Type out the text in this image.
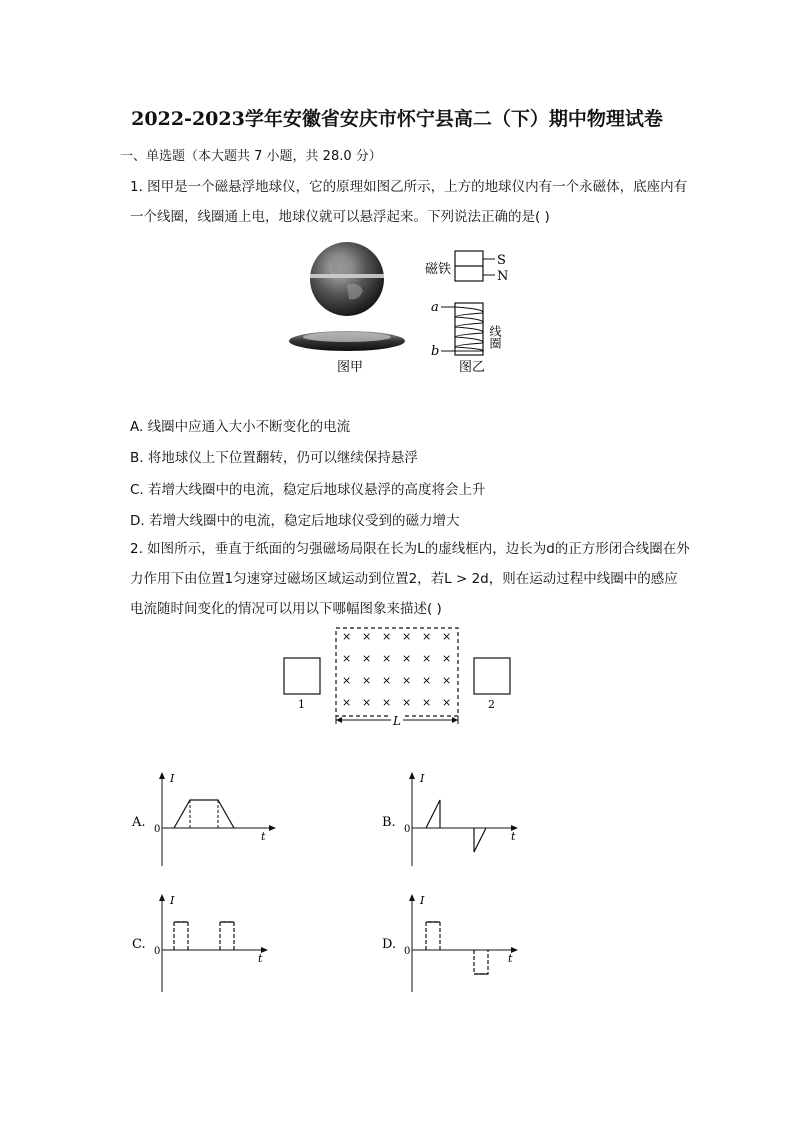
2022-2023学年安徽省安庆市怀宁县高二（下）期中物理试卷
一、单选题（本大题共 7 小题，共 28.0 分）
1. 图甲是一个磁悬浮地球仪，它的原理如图乙所示，上方的地球仪内有一个永磁体，底座内有一个线圈，线圈通上电，地球仪就可以悬浮起来。下列说法正确的是( )
图甲
磁铁
S
N
a
b
线圈
图乙
A. 线圈中应通入大小不断变化的电流
B. 将地球仪上下位置翻转，仍可以继续保持悬浮
C. 若增大线圈中的电流，稳定后地球仪悬浮的高度将会上升
D. 若增大线圈中的电流，稳定后地球仪受到的磁力增大
2. 如图所示，垂直于纸面的匀强磁场局限在长为L的虚线框内，边长为d的正方形闭合线圈在外力作用下由位置1匀速穿过磁场区域运动到位置2，若L > 2d，则在运动过程中线圈中的感应电流随时间变化的情况可以用以下哪幅图象来描述( )
1
× × × × × ×
× × × × × ×
× × × × × ×
× × × × × ×	2
L
A.
I
t
0	B.
I
t
0
C.
I
t
0	D.
I
t
0
